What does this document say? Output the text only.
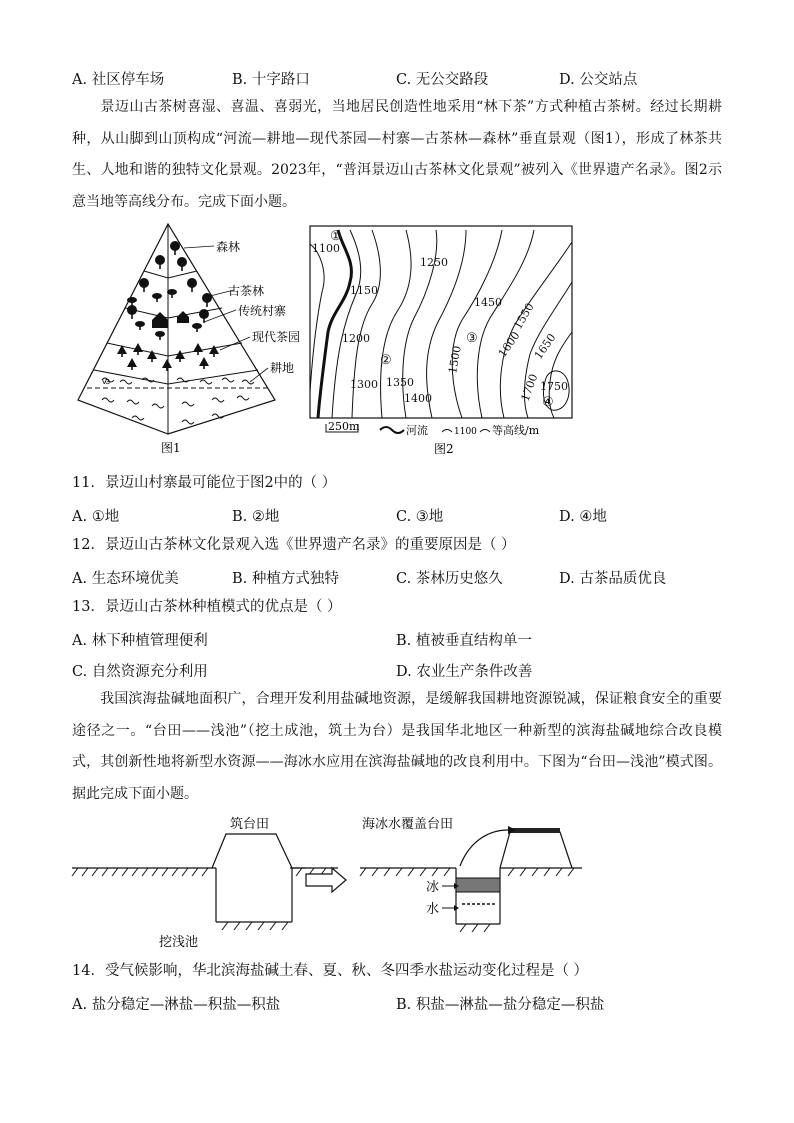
A. 社区停车场	B. 十字路口	C. 无公交路段	D. 公交站点
景迈山古茶树喜湿、喜温、喜弱光，当地居民创造性地采用“林下茶”方式种植古茶树。经过长期耕种，从山脚到山顶构成“河流—耕地—现代茶园—村寨—古茶林—森林”垂直景观（图1），形成了林茶共生、人地和谐的独特文化景观。2023年，“普洱景迈山古茶林文化景观”被列入《世界遗产名录》。图2示意当地等高线分布。完成下面小题。
ꟃ
森林
古茶林
传统村寨
现代茶园
耕地
图1
1100
1150
1250
1200
1300 1350
1400
1450
1500
1550
1600 1650
1700 1750
①
②
③
④
250m	河流	1100 等高线/m
图2
11．景迈山村寨最可能位于图2中的（ ）
A. ①地	B. ②地	C. ③地	D. ④地
12．景迈山古茶林文化景观入选《世界遗产名录》的重要原因是（ ）
A. 生态环境优美	B. 种植方式独特	C. 茶林历史悠久	D. 古茶品质优良
13．景迈山古茶林种植模式的优点是（ ）
A. 林下种植管理便利	B. 植被垂直结构单一
C. 自然资源充分利用	D. 农业生产条件改善
我国滨海盐碱地面积广，合理开发利用盐碱地资源，是缓解我国耕地资源锐减，保证粮食安全的重要途径之一。“台田——浅池”（挖土成池，筑土为台）是我国华北地区一种新型的滨海盐碱地综合改良模式，其创新性地将新型水资源——海冰水应用在滨海盐碱地的改良利用中。下图为“台田—浅池”模式图。据此完成下面小题。
筑台田
挖浅池
海冰水覆盖台田
冰
水
14．受气候影响，华北滨海盐碱土春、夏、秋、冬四季水盐运动变化过程是（ ）
A. 盐分稳定—淋盐—积盐—积盐	B. 积盐—淋盐—盐分稳定—积盐
